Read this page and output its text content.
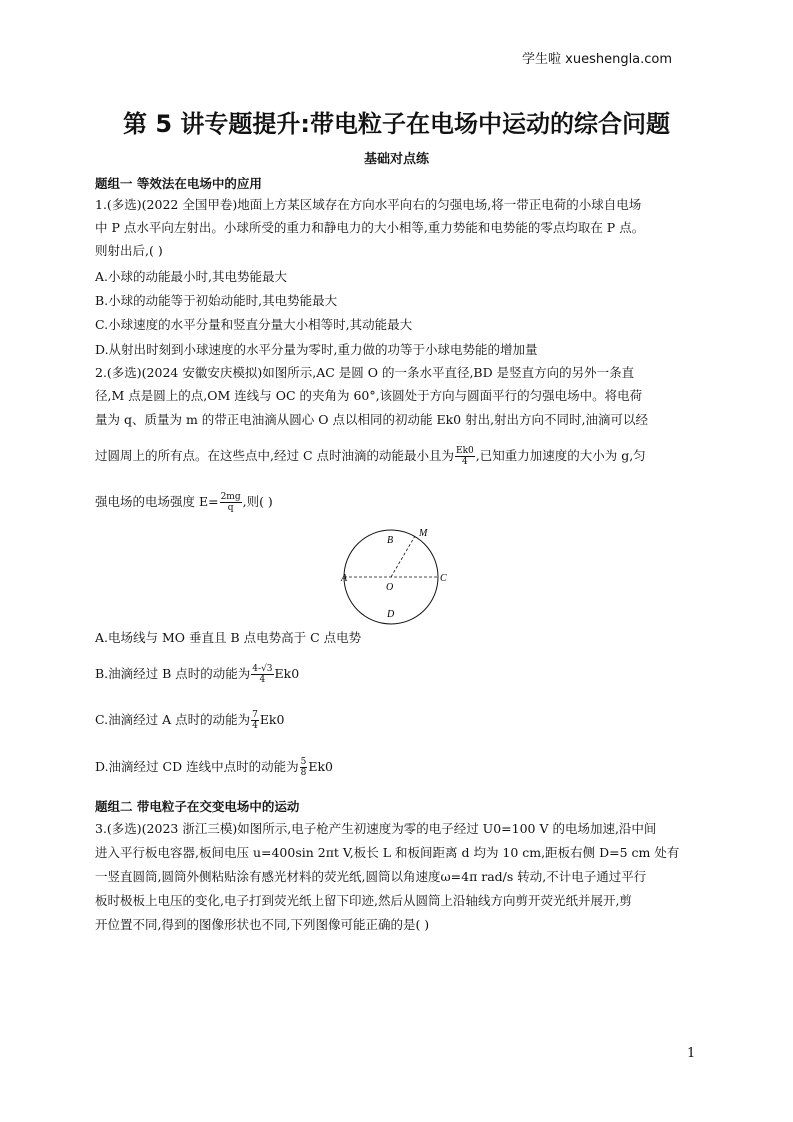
学生啦 xueshengla.com
第 5 讲专题提升:带电粒子在电场中运动的综合问题
基础对点练
题组一 等效法在电场中的应用
1.(多选)(2022 全国甲卷)地面上方某区域存在方向水平向右的匀强电场,将一带正电荷的小球自电场
中 P 点水平向左射出。小球所受的重力和静电力的大小相等,重力势能和电势能的零点均取在 P 点。
则射出后,( )
A.小球的动能最小时,其电势能最大
B.小球的动能等于初始动能时,其电势能最大
C.小球速度的水平分量和竖直分量大小相等时,其动能最大
D.从射出时刻到小球速度的水平分量为零时,重力做的功等于小球电势能的增加量
2.(多选)(2024 安徽安庆模拟)如图所示,AC 是圆 O 的一条水平直径,BD 是竖直方向的另外一条直
径,M 点是圆上的点,OM 连线与 OC 的夹角为 60°,该圆处于方向与圆面平行的匀强电场中。将电荷
量为 q、质量为 m 的带正电油滴从圆心 O 点以相同的初动能 Ek0 射出,射出方向不同时,油滴可以经
过圆周上的所有点。在这些点中,经过 C 点时油滴的动能最小且为 $\frac{Ek0}{4}$ ,已知重力加速度的大小为 g,匀
强电场的电场强度 $E= \frac{2mg}{q}$ ,则( )
A	C
B
D
M
O
A.电场线与 MO 垂直且 B 点电势高于 C 点电势
B.油滴经过 B 点时的动能为 $\frac{4-√3}{4} Ek0$
C.油滴经过 A 点时的动能为 $\frac{7}{4} Ek0$
D.油滴经过 CD 连线中点时的动能为 $\frac{5}{8} Ek0$
题组二 带电粒子在交变电场中的运动
3.(多选)(2023 浙江三模)如图所示,电子枪产生初速度为零的电子经过 U0=100 V 的电场加速,沿中间
进入平行板电容器,板间电压 u=400sin 2πt V,板长 L 和板间距离 d 均为 10 cm,距板右侧 D=5 cm 处有
一竖直圆筒,圆筒外侧粘贴涂有感光材料的荧光纸,圆筒以角速度ω=4π rad/s 转动,不计电子通过平行
板时极板上电压的变化,电子打到荧光纸上留下印迹,然后从圆筒上沿轴线方向剪开荧光纸并展开,剪
开位置不同,得到的图像形状也不同,下列图像可能正确的是( )
1
